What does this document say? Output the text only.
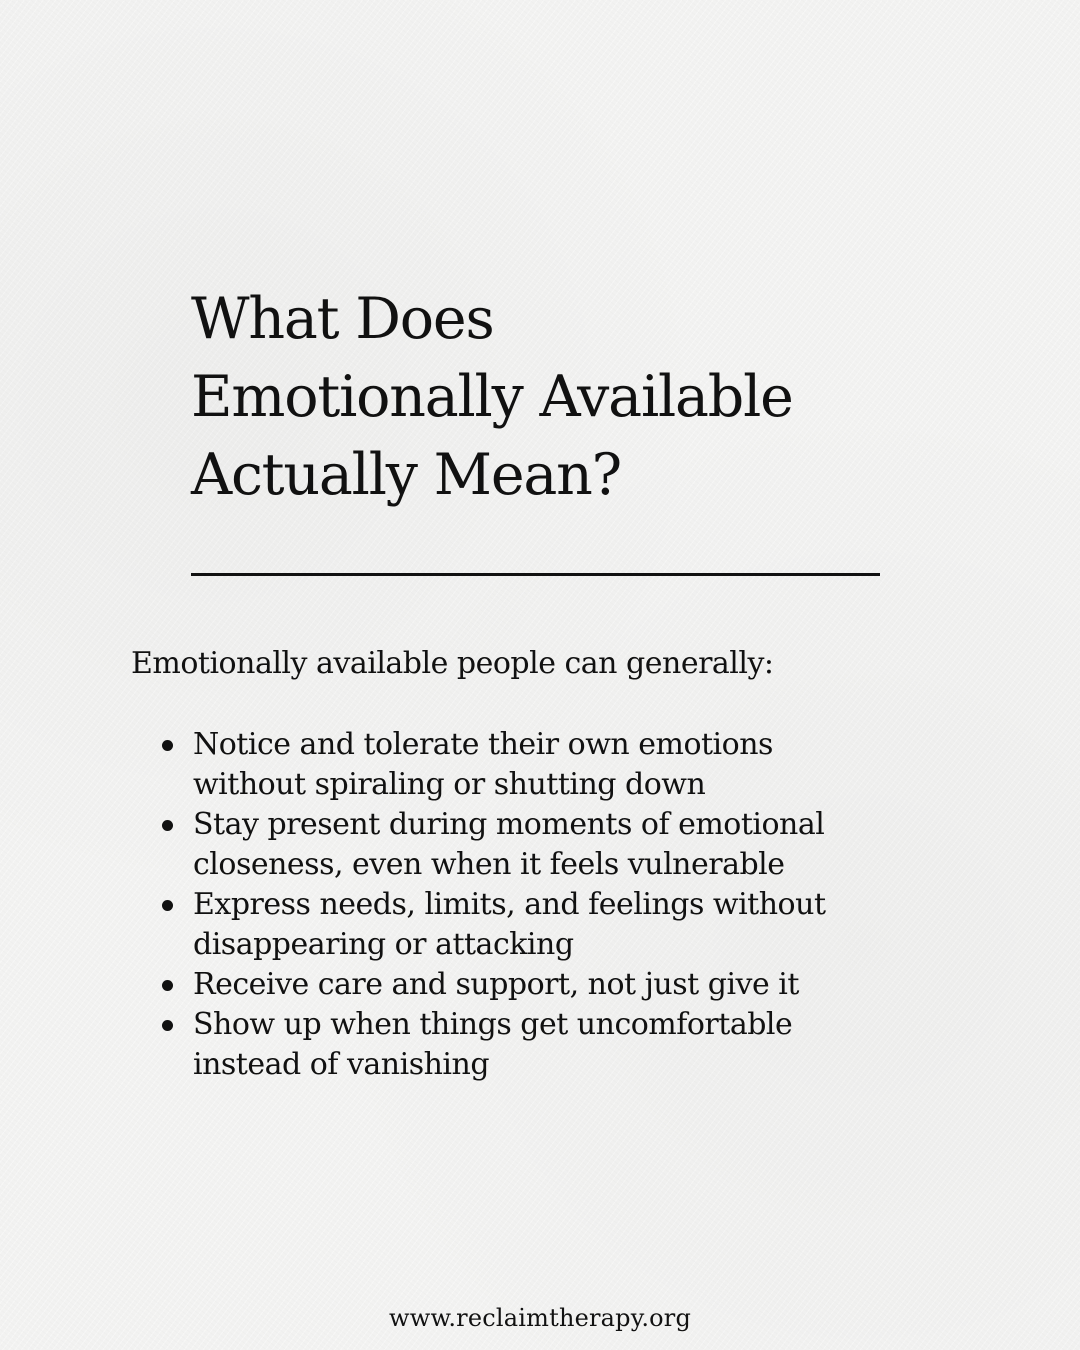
What Does
Emotionally Available
Actually Mean?

Emotionally available people can generally:

Notice and tolerate their own emotions
without spiraling or shutting down
Stay present during moments of emotional
closeness, even when it feels vulnerable
Express needs, limits, and feelings without
disappearing or attacking
Receive care and support, not just give it
Show up when things get uncomfortable
instead of vanishing
www.reclaimtherapy.org
